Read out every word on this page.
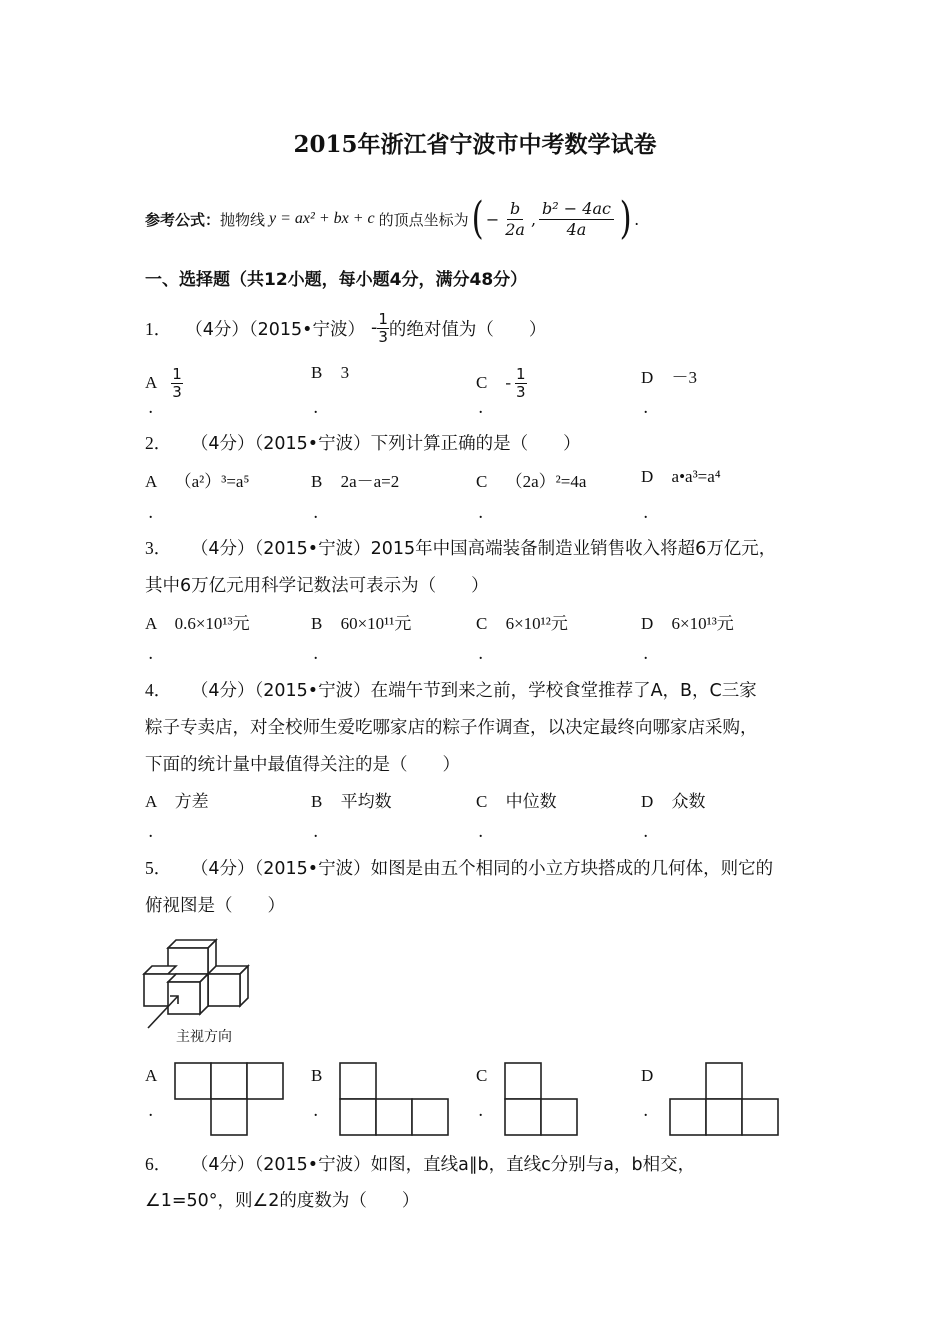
2015年浙江省宁波市中考数学试卷
参考公式： 抛物线 y = ax² + bx + c 的顶点坐标为 ( − $\frac{b}{2a}$ , $\frac{\text{b² − 4ac}}{4a}$ ) .
一、选择题（共12小题，每小题4分，满分48分）
1． （4分）（2015•宁波） - 1
3 的绝对值为（　　）
A 1
3
B 3
C - 1
3
D －3
.	.	.	.
2． （4分）（2015•宁波）下列计算正确的是（　　）
A （a²）³=a⁵	B 2a－a=2	C （2a）²=4a	D a•a³=a⁴
.	.	.	.
3． （4分）（2015•宁波）2015年中国高端装备制造业销售收入将超6万亿元，
其中6万亿元用科学记数法可表示为（　　）
A 0.6×10¹³元	B 60×10¹¹元	C 6×10¹²元	D 6×10¹³元
.	.	.	.
4． （4分）（2015•宁波）在端午节到来之前，学校食堂推荐了A，B，C三家
粽子专卖店，对全校师生爱吃哪家店的粽子作调查，以决定最终向哪家店采购，
下面的统计量中最值得关注的是（　　）
A 方差	B 平均数	C 中位数	D 众数
.	.	.	.
5． （4分）（2015•宁波）如图是由五个相同的小立方块搭成的几何体，则它的
俯视图是（　　）
主视方向
A	B	C	D
.	.	.	.
6． （4分）（2015•宁波）如图，直线a∥b，直线c分别与a，b相交，
∠1=50°，则∠2的度数为（　　）
